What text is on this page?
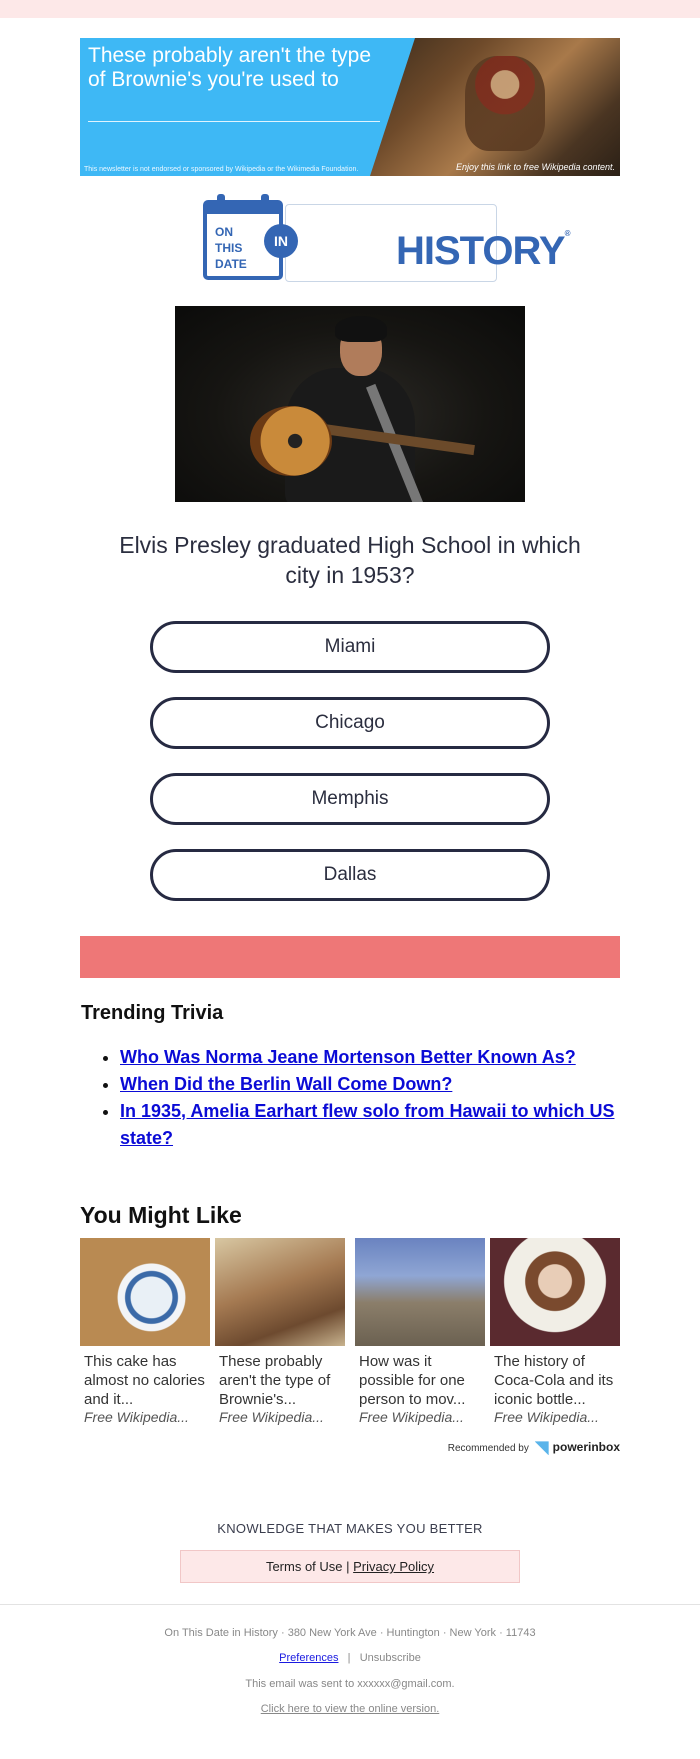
These probably aren't the type of Brownie's you're used to
This newsletter is not endorsed or sponsored by Wikipedia or the Wikimedia Foundation.	Enjoy this link to free Wikipedia content.
ON
THIS
DATE	HISTORY®
IN
Elvis Presley graduated High School in which city in 1953?
Miami
Chicago
Memphis
Dallas
Trending Trivia
• Who Was Norma Jeane Mortenson Better Known As?
• When Did the Berlin Wall Come Down?
• In 1935, Amelia Earhart flew solo from Hawaii to which US state?
You Might Like
This cake has almost no calories and it...
Free Wikipedia...
These probably aren't the type of Brownie's...
Free Wikipedia...
How was it possible for one person to mov...
Free Wikipedia...
The history of Coca-Cola and its iconic bottle...
Free Wikipedia...
Recommended by powerinbox
KNOWLEDGE THAT MAKES YOU BETTER
Terms of Use | Privacy Policy
On This Date in History · 380 New York Ave · Huntington · New York · 11743
Preferences | Unsubscribe
This email was sent to xxxxxx@gmail.com.
Click here to view the online version.
